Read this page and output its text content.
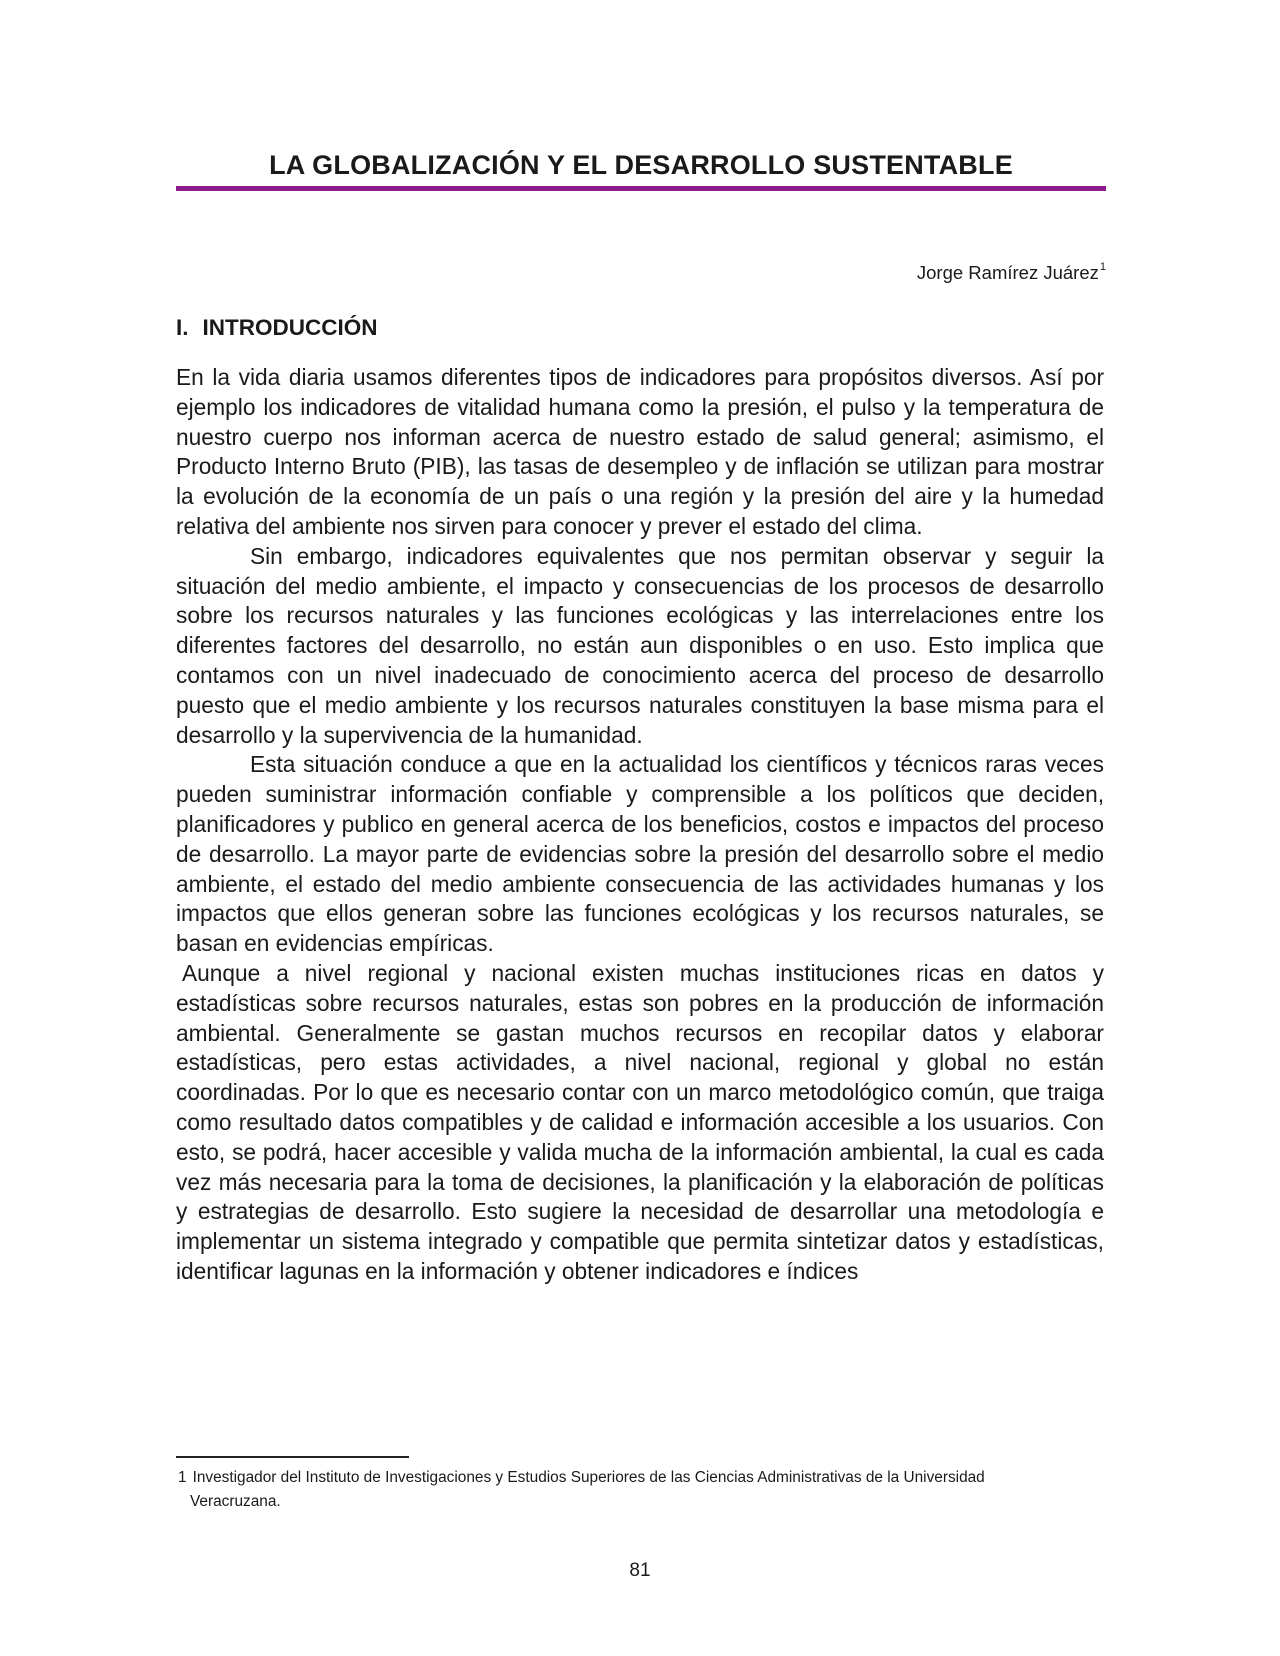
LA GLOBALIZACIÓN Y EL DESARROLLO SUSTENTABLE
Jorge Ramírez Juárez$^1$
I. INTRODUCCIÓN

En la vida diaria usamos diferentes tipos de indicadores para propósitos diversos. Así por ejemplo los indicadores de vitalidad humana como la presión, el pulso y la temperatura de nuestro cuerpo nos informan acerca de nuestro estado de salud general; asimismo, el Producto Interno Bruto (PIB), las tasas de desempleo y de inflación se utilizan para mostrar la evolución de la economía de un país o una región y la presión del aire y la humedad relativa del ambiente nos sirven para conocer y prever el estado del clima.

Sin embargo, indicadores equivalentes que nos permitan observar y seguir la situación del medio ambiente, el impacto y consecuencias de los procesos de desarrollo sobre los recursos naturales y las funciones ecológicas y las interrelaciones entre los diferentes factores del desarrollo, no están aun disponibles o en uso. Esto implica que contamos con un nivel inadecuado de conocimiento acerca del proceso de desarrollo puesto que el medio ambiente y los recursos naturales constituyen la base misma para el desarrollo y la supervivencia de la humanidad.

Esta situación conduce a que en la actualidad los científicos y técnicos raras veces pueden suministrar información confiable y comprensible a los políticos que deciden, planificadores y publico en general acerca de los beneficios, costos e impactos del proceso de desarrollo. La mayor parte de evidencias sobre la presión del desarrollo sobre el medio ambiente, el estado del medio ambiente consecuencia de las actividades humanas y los impactos que ellos generan sobre las funciones ecológicas y los recursos naturales, se basan en evidencias empíricas.

Aunque a nivel regional y nacional existen muchas instituciones ricas en datos y estadísticas sobre recursos naturales, estas son pobres en la producción de información ambiental. Generalmente se gastan muchos recursos en recopilar datos y elaborar estadísticas, pero estas actividades, a nivel nacional, regional y global no están coordinadas. Por lo que es necesario contar con un marco metodológico común, que traiga como resultado datos compatibles y de calidad e información accesible a los usuarios. Con esto, se podrá, hacer accesible y valida mucha de la información ambiental, la cual es cada vez más necesaria para la toma de decisiones, la planificación y la elaboración de políticas y estrategias de desarrollo. Esto sugiere la necesidad de desarrollar una metodología e implementar un sistema integrado y compatible que permita sintetizar datos y estadísticas, identificar lagunas en la información y obtener indicadores e índices

1 Investigador del Instituto de Investigaciones y Estudios Superiores de las Ciencias Administrativas de la Universidad
Veracruzana.
81
